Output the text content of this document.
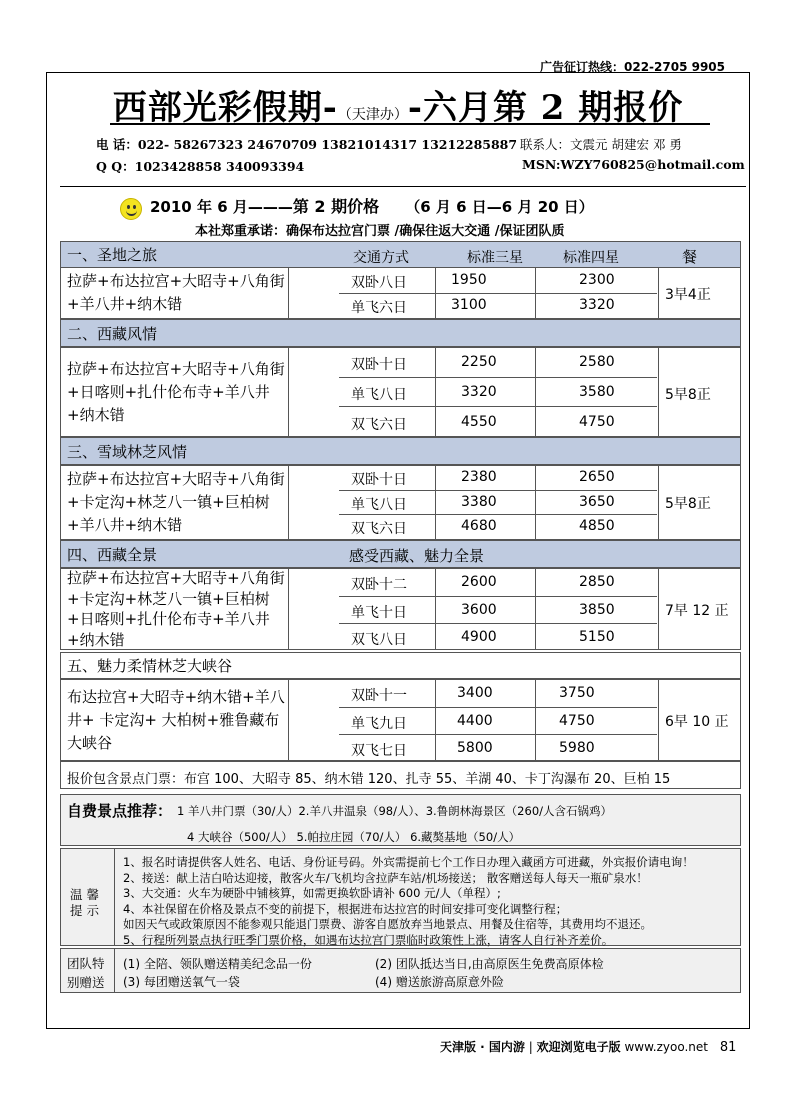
广告征订热线：022-2705 9905
西部光彩假期-（天津办）-六月第 2 期报价
电 话：022- 58267323 24670709 13821014317 13212285887 联系人：文震元 胡建宏 邓 勇
Q Q：1023428858 340093394	MSN:WZY760825@hotmail.com
2010 年 6 月———第 2 期价格 （6 月 6 日—6 月 20 日）
本社郑重承诺：确保布达拉宫门票 /确保往返大交通 /保证团队质
一、圣地之旅	交通方式	标准三星	标准四星	餐
拉萨+布达拉宫+大昭寺+八角街+羊八井+纳木错
双卧八日	1950	2300
单飞六日	3100	3320
3早4正
二、西藏风情
拉萨+布达拉宫+大昭寺+八角街+日喀则+扎什伦布寺+羊八井+纳木错
双卧十日	2250	2580
单飞八日	3320	3580
双飞六日	4550	4750
5早8正
三、雪域林芝风情
拉萨+布达拉宫+大昭寺+八角街+卡定沟+林芝八一镇+巨柏树+羊八井+纳木错
双卧十日	2380	2650
单飞八日	3380	3650
双飞六日	4680	4850
5早8正
四、西藏全景	感受西藏、魅力全景
拉萨+布达拉宫+大昭寺+八角街+卡定沟+林芝八一镇+巨柏树+日喀则+扎什伦布寺+羊八井+纳木错
双卧十二	2600	2850
单飞十日	3600	3850
双飞八日	4900	5150
7早 12 正
五、魅力柔情林芝大峡谷
布达拉宫+大昭寺+纳木错+羊八井+ 卡定沟+ 大柏树+雅鲁藏布大峡谷
双卧十一	3400	3750
单飞九日	4400	4750
双飞七日	5800	5980
6早 10 正
报价包含景点门票：布宫 100、大昭寺 85、纳木错 120、扎寺 55、羊湖 40、卡丁沟瀑布 20、巨柏 15
自费景点推荐： 1 羊八井门票（30/人）2.羊八井温泉（98/人）、3.鲁朗林海景区（260/人含石锅鸡）
4 大峡谷（500/人） 5.帕拉庄园（70/人） 6.藏獒基地（50/人）
温 馨
提 示
1、报名时请提供客人姓名、电话、身份证号码。外宾需提前七个工作日办理入藏函方可进藏，外宾报价请电询！
2、接送：献上洁白哈达迎接，散客火车/飞机均含拉萨车站/机场接送； 散客赠送每人每天一瓶矿泉水！
3、大交通：火车为硬卧中铺核算，如需更换软卧请补 600 元/人（单程）;
4、本社保留在价格及景点不变的前提下，根据进布达拉宫的时间安排可变化调整行程；
如因天气或政策原因不能参观只能退门票费、游客自愿放弃当地景点、用餐及住宿等，其费用均不退还。
5、行程所列景点执行旺季门票价格，如遇布达拉宫门票临时政策性上涨，请客人自行补齐差价。
团队特
别赠送
(1) 全陪、领队赠送精美纪念品一份	(2) 团队抵达当日,由高原医生免费高原体检
(3) 每团赠送氧气一袋	(4) 赠送旅游高原意外险
天津版 · 国内游 | 欢迎浏览电子版 www.zyoo.net 81
